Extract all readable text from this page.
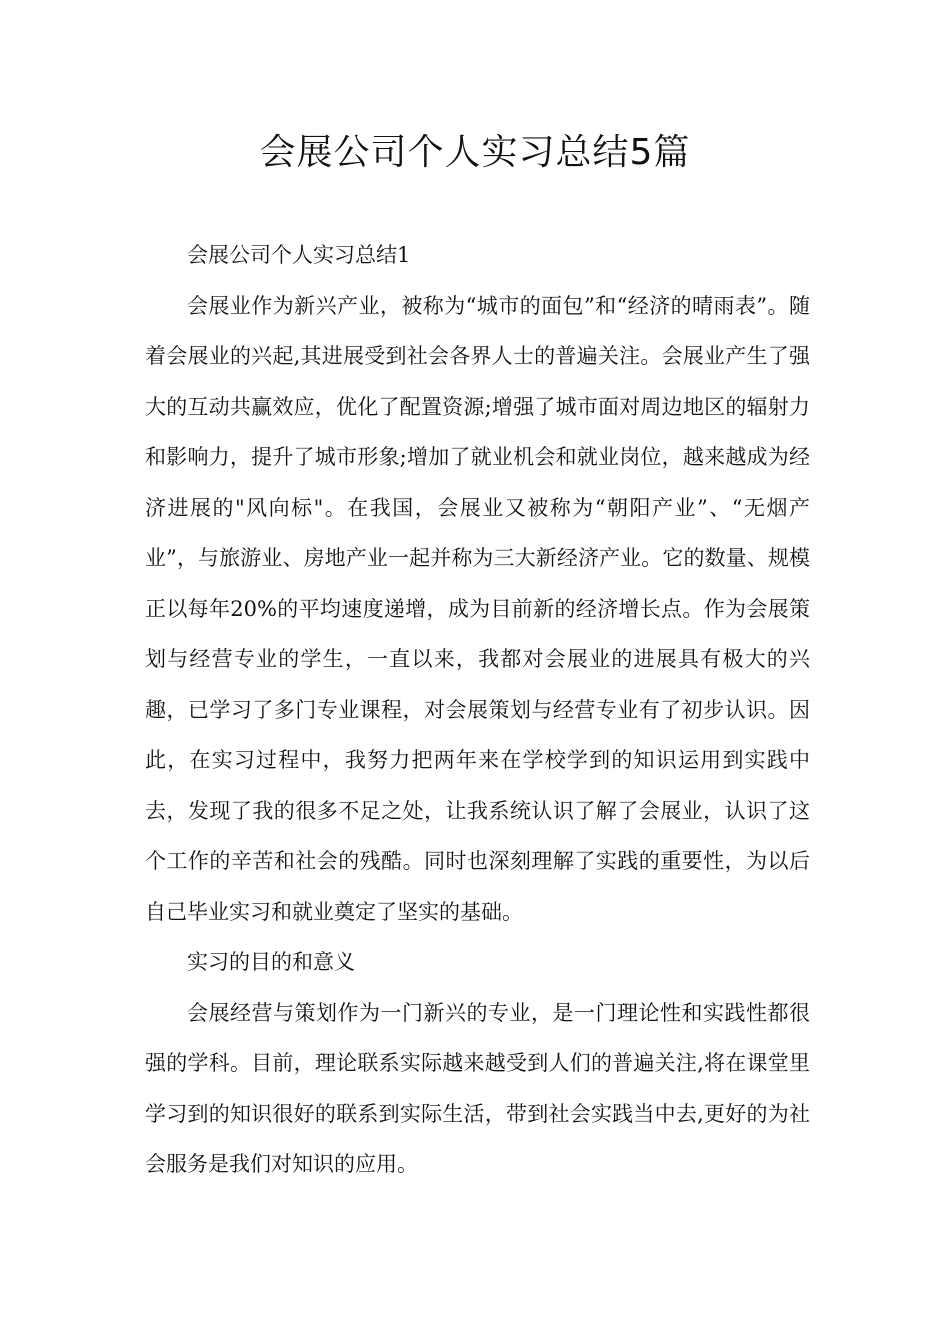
会展公司个人实习总结5篇

会展公司个人实习总结1

会展业作为新兴产业，被称为“城市的面包”和“经济的晴雨表”。随着会展业的兴起,其进展受到社会各界人士的普遍关注。会展业产生了强大的互动共赢效应，优化了配置资源;增强了城市面对周边地区的辐射力和影响力，提升了城市形象;增加了就业机会和就业岗位，越来越成为经济进展的"风向标"。在我国，会展业又被称为“朝阳产业”、“无烟产业”，与旅游业、房地产业一起并称为三大新经济产业。它的数量、规模正以每年20%的平均速度递增，成为目前新的经济增长点。作为会展策划与经营专业的学生，一直以来，我都对会展业的进展具有极大的兴趣，已学习了多门专业课程，对会展策划与经营专业有了初步认识。因此，在实习过程中，我努力把两年来在学校学到的知识运用到实践中去，发现了我的很多不足之处，让我系统认识了解了会展业，认识了这个工作的辛苦和社会的残酷。同时也深刻理解了实践的重要性，为以后自己毕业实习和就业奠定了坚实的基础。

实习的目的和意义

会展经营与策划作为一门新兴的专业，是一门理论性和实践性都很强的学科。目前，理论联系实际越来越受到人们的普遍关注,将在课堂里学习到的知识很好的联系到实际生活，带到社会实践当中去,更好的为社会服务是我们对知识的应用。
